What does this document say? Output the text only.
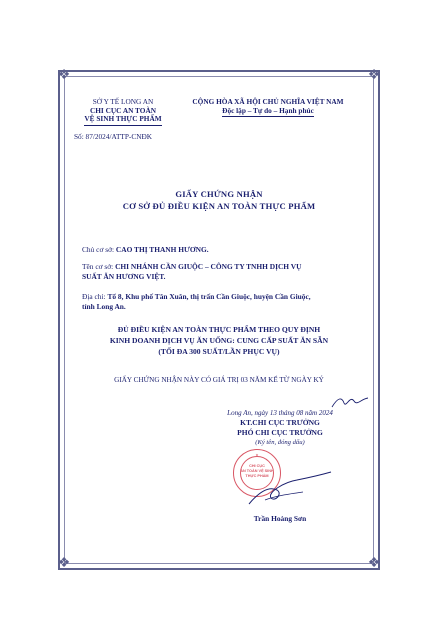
❖	❖
❖	❖
SỞ Y TẾ LONG AN
CHI CỤC AN TOÀN
VỆ SINH THỰC PHẨM
Số: 87/2024/ATTP-CNĐK
CỘNG HÒA XÃ HỘI CHỦ NGHĨA VIỆT NAM
Độc lập – Tự do – Hạnh phúc
GIẤY CHỨNG NHẬN
CƠ SỞ ĐỦ ĐIỀU KIỆN AN TOÀN THỰC PHẨM
Chủ cơ sở: CAO THỊ THANH HƯƠNG.
Tên cơ sở: CHI NHÁNH CẦN GIUỘC – CÔNG TY TNHH DỊCH VỤ
SUẤT ĂN HƯƠNG VIỆT.
Địa chỉ: Tổ 8, Khu phố Tân Xuân, thị trấn Cần Giuộc, huyện Cần Giuộc,
tỉnh Long An.
ĐỦ ĐIỀU KIỆN AN TOÀN THỰC PHẨM THEO QUY ĐỊNH
KINH DOANH DỊCH VỤ ĂN UỐNG: CUNG CẤP SUẤT ĂN SẴN
(TỐI ĐA 300 SUẤT/LẦN PHỤC VỤ)
GIẤY CHỨNG NHẬN NÀY CÓ GIÁ TRỊ 03 NĂM KỂ TỪ NGÀY KÝ
Long An, ngày 13 tháng 08 năm 2024
KT.CHI CỤC TRƯỞNG
PHÓ CHI CỤC TRƯỞNG
(Ký tên, đóng dấu)
★
CHI CỤC
AN TOÀN VỆ SINH
THỰC PHẨM
Trần Hoàng Sơn
